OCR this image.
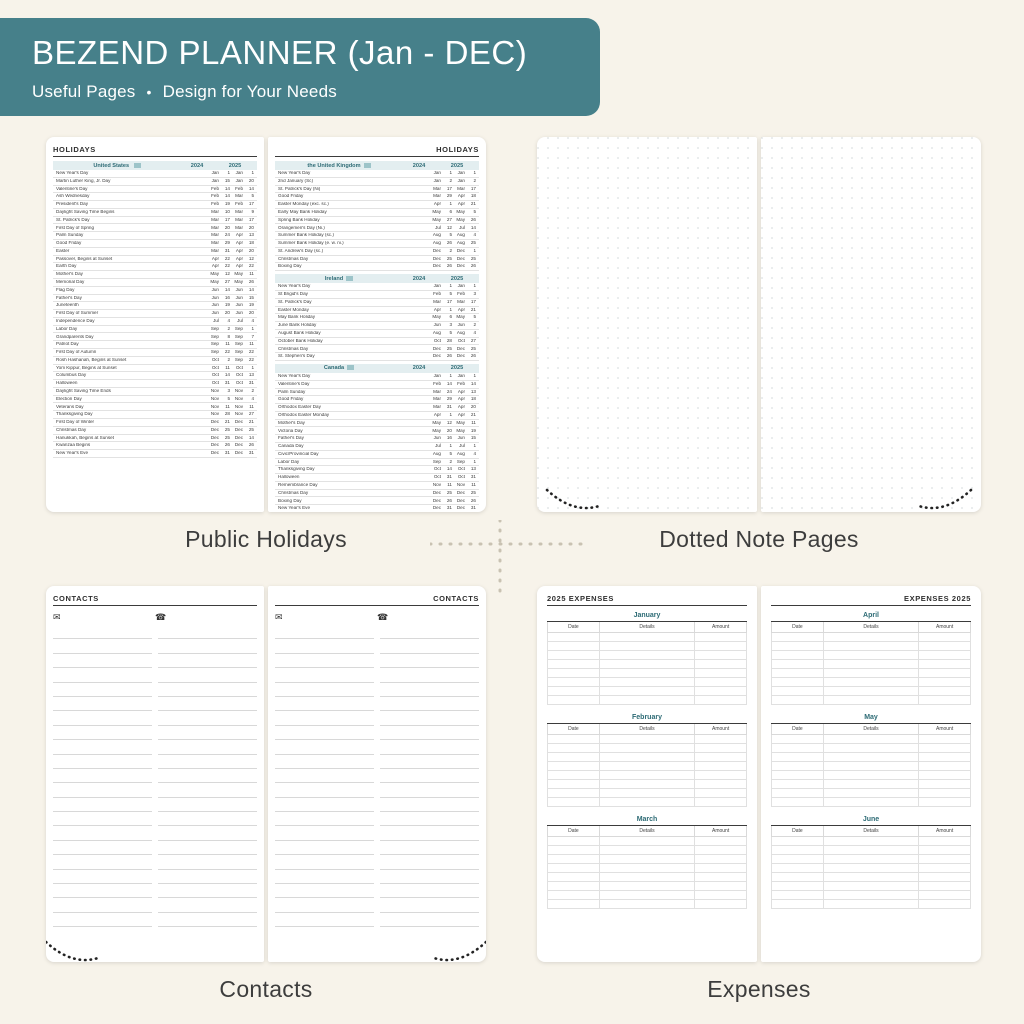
BEZEND PLANNER (Jan - DEC)
Useful Pages • Design for Your Needs
HOLIDAYS
United States	2024	2025
New Year's Day	Jan	1	Jan	1
Martin Luther King, Jr. Day	Jan	15	Jan	20
Valentine's Day	Feb	14	Feb	14
Ash Wednesday	Feb	14	Mar	5
President's Day	Feb	19	Feb	17
Daylight Saving Time Begins	Mar	10	Mar	9
St. Patrick's Day	Mar	17	Mar	17
First Day of Spring	Mar	20	Mar	20
Palm Sunday	Mar	24	Apr	13
Good Friday	Mar	29	Apr	18
Easter	Mar	31	Apr	20
Passover, Begins at Sunset	Apr	22	Apr	12
Earth Day	Apr	22	Apr	22
Mother's Day	May	12 May	11
Memorial Day	May	27 May	26
Flag Day	Jun	14	Jun	14
Father's Day	Jun	16	Jun	15
Juneteenth	Jun	19	Jun	19
First Day of Summer	Jun	20	Jun	20
Independence Day	Jul	4	Jul	4
Labor Day	Sep	2	Sep	1
Grandparents Day	Sep	8	Sep	7
Patriot Day	Sep	11	Sep	11
First Day of Autumn	Sep	22	Sep	22
Rosh Hashanah, Begins at Sunset	Oct	2	Sep	22
Yom Kippur, Begins at Sunset	Oct	11	Oct	1
Columbus Day	Oct	14	Oct	13
Halloween	Oct	31	Oct	31
Daylight Saving Time Ends	Nov	3	Nov	2
Election Day	Nov	5	Nov	4
Veterans Day	Nov	11	Nov	11
Thanksgiving Day	Nov	28	Nov	27
First Day of Winter	Dec	21	Dec	21
Christmas Day	Dec	25	Dec	25
Hanukkah, Begins at Sunset	Dec	25	Dec	14
Kwanzaa Begins	Dec	26	Dec	26
New Year's Eve	Dec	31	Dec	31
HOLIDAYS
the United Kingdom	2024	2025
New Year's Day	Jan	1	Jan	1
2nd January (Sc)	Jan	2	Jan	2
St. Patrick's Day (Ni)	Mar	17	Mar	17
Good Friday	Mar	29	Apr	18
Easter Monday (exc. sc.)	Apr	1	Apr	21
Early May Bank Holiday	May	6 May	5
Spring Bank Holiday	May	27 May	26
Orangemen's Day (Ni.)	Jul	12	Jul	14
Summer Bank Holiday (sc.)	Aug	5	Aug	4
Summer Bank Holiday (e. w. ni.)	Aug	26	Aug	25
St. Andrew's Day (sc.)	Dec	2	Dec	1
Christmas Day	Dec	25	Dec	25
Boxing Day	Dec	26	Dec	26
Ireland	2024	2025
New Year's Day	Jan	1	Jan	1
St Brigid's Day	Feb	5	Feb	3
St. Patrick's Day	Mar	17	Mar	17
Easter Monday	Apr	1	Apr	21
May Bank Holiday	May	6 May	5
June Bank Holiday	Jun	3	Jun	2
August Bank Holiday	Aug	5	Aug	4
October Bank Holiday	Oct	28	Oct	27
Christmas Day	Dec	25	Dec	25
St. Stephen's Day	Dec	26	Dec	26
Canada	2024	2025
New Year's Day	Jan	1	Jan	1
Valentine's Day	Feb	14	Feb	14
Palm Sunday	Mar	24	Apr	13
Good Friday	Mar	29	Apr	18
Orthodox Easter Day	Mar	31	Apr	20
Orthodox Easter Monday	Apr	1	Apr	21
Mother's Day	May	12 May	11
Victoria Day	May	20 May	19
Father's Day	Jun	16	Jun	15
Canada Day	Jul	1	Jul	1
Civic/Provincial Day	Aug	5	Aug	4
Labor Day	Sep	2	Sep	1
Thanksgiving Day	Oct	14	Oct	13
Halloween	Oct	31	Oct	31
Remembrance Day	Nov	11	Nov	11
Christmas Day	Dec	25	Dec	25
Boxing Day	Dec	26	Dec	26
New Year's Eve	Dec	31	Dec	31
Public Holidays	Dotted Note Pages
CONTACTS
✉	☎
CONTACTS
✉	☎
Contacts
2025 EXPENSES
January
Date	Details	Amount

February
Date	Details	Amount

March
Date	Details	Amount

EXPENSES 2025
April
Date	Details	Amount

May
Date	Details	Amount

June
Date	Details	Amount

Expenses
